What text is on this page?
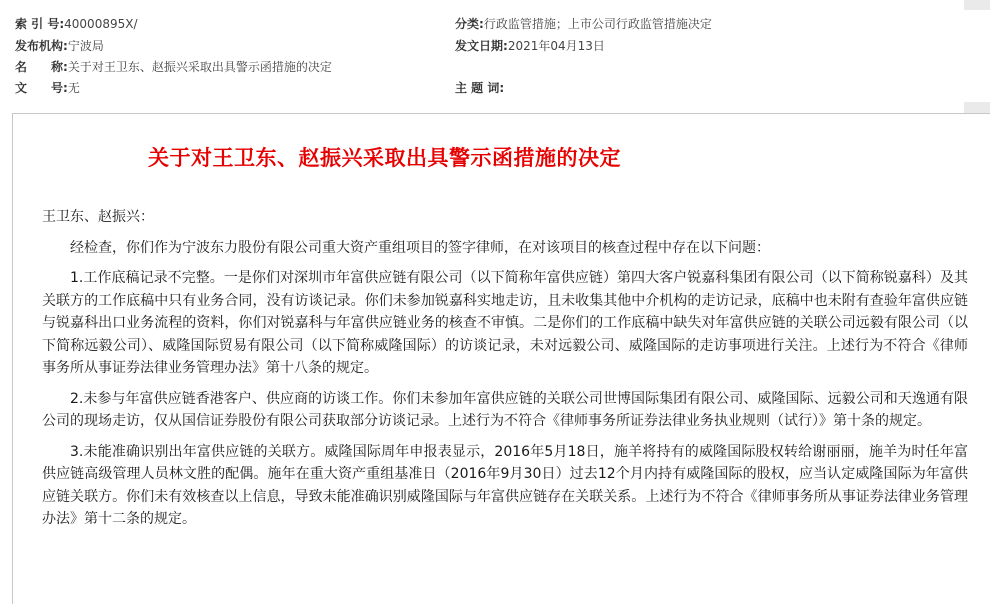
索 引 号:40000895X/	分类:行政监管措施；上市公司行政监管措施决定
发布机构:宁波局	发文日期:2021年04月13日
名　　称:关于对王卫东、赵振兴采取出具警示函措施的决定
文　　号:无	主 题 词:
关于对王卫东、赵振兴采取出具警示函措施的决定

王卫东、赵振兴：

经检查，你们作为宁波东力股份有限公司重大资产重组项目的签字律师，在对该项目的核查过程中存在以下问题：

1.工作底稿记录不完整。一是你们对深圳市年富供应链有限公司（以下简称年富供应链）第四大客户锐嘉科集团有限公司（以下简称锐嘉科）及其关联方的工作底稿中只有业务合同，没有访谈记录。你们未参加锐嘉科实地走访，且未收集其他中介机构的走访记录，底稿中也未附有查验年富供应链与锐嘉科出口业务流程的资料，你们对锐嘉科与年富供应链业务的核查不审慎。二是你们的工作底稿中缺失对年富供应链的关联公司远毅有限公司（以下简称远毅公司）、威隆国际贸易有限公司（以下简称威隆国际）的访谈记录，未对远毅公司、威隆国际的走访事项进行关注。上述行为不符合《律师事务所从事证券法律业务管理办法》第十八条的规定。

2.未参与年富供应链香港客户、供应商的访谈工作。你们未参加年富供应链的关联公司世博国际集团有限公司、威隆国际、远毅公司和天逸通有限公司的现场走访，仅从国信证券股份有限公司获取部分访谈记录。上述行为不符合《律师事务所证券法律业务执业规则（试行）》第十条的规定。

3.未能准确识别出年富供应链的关联方。威隆国际周年申报表显示，2016年5月18日，施羊将持有的威隆国际股权转给谢丽丽，施羊为时任年富供应链高级管理人员林文胜的配偶。施年在重大资产重组基准日（2016年9月30日）过去12个月内持有威隆国际的股权，应当认定威隆国际为年富供应链关联方。你们未有效核查以上信息，导致未能准确识别威隆国际与年富供应链存在关联关系。上述行为不符合《律师事务所从事证券法律业务管理办法》第十二条的规定。
